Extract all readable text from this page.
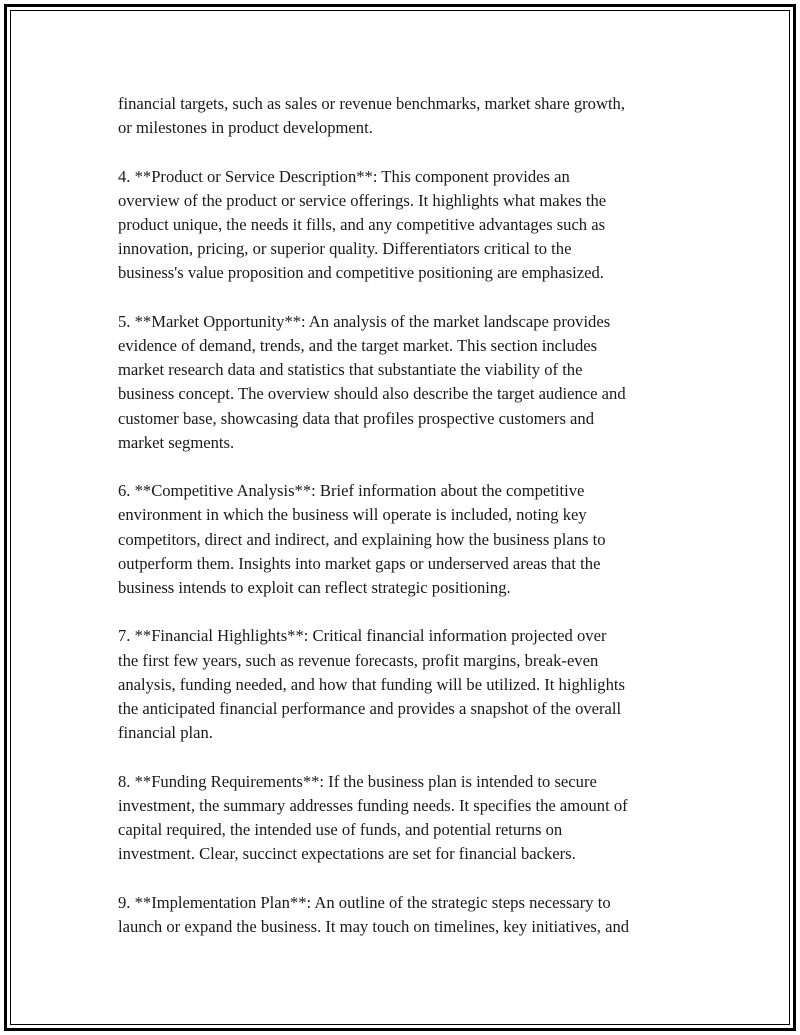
financial targets, such as sales or revenue benchmarks, market share growth,
or milestones in product development.

4. **Product or Service Description**: This component provides an
overview of the product or service offerings. It highlights what makes the
product unique, the needs it fills, and any competitive advantages such as
innovation, pricing, or superior quality. Differentiators critical to the
business's value proposition and competitive positioning are emphasized.

5. **Market Opportunity**: An analysis of the market landscape provides
evidence of demand, trends, and the target market. This section includes
market research data and statistics that substantiate the viability of the
business concept. The overview should also describe the target audience and
customer base, showcasing data that profiles prospective customers and
market segments.

6. **Competitive Analysis**: Brief information about the competitive
environment in which the business will operate is included, noting key
competitors, direct and indirect, and explaining how the business plans to
outperform them. Insights into market gaps or underserved areas that the
business intends to exploit can reflect strategic positioning.

7. **Financial Highlights**: Critical financial information projected over
the first few years, such as revenue forecasts, profit margins, break-even
analysis, funding needed, and how that funding will be utilized. It highlights
the anticipated financial performance and provides a snapshot of the overall
financial plan.

8. **Funding Requirements**: If the business plan is intended to secure
investment, the summary addresses funding needs. It specifies the amount of
capital required, the intended use of funds, and potential returns on
investment. Clear, succinct expectations are set for financial backers.

9. **Implementation Plan**: An outline of the strategic steps necessary to
launch or expand the business. It may touch on timelines, key initiatives, and
